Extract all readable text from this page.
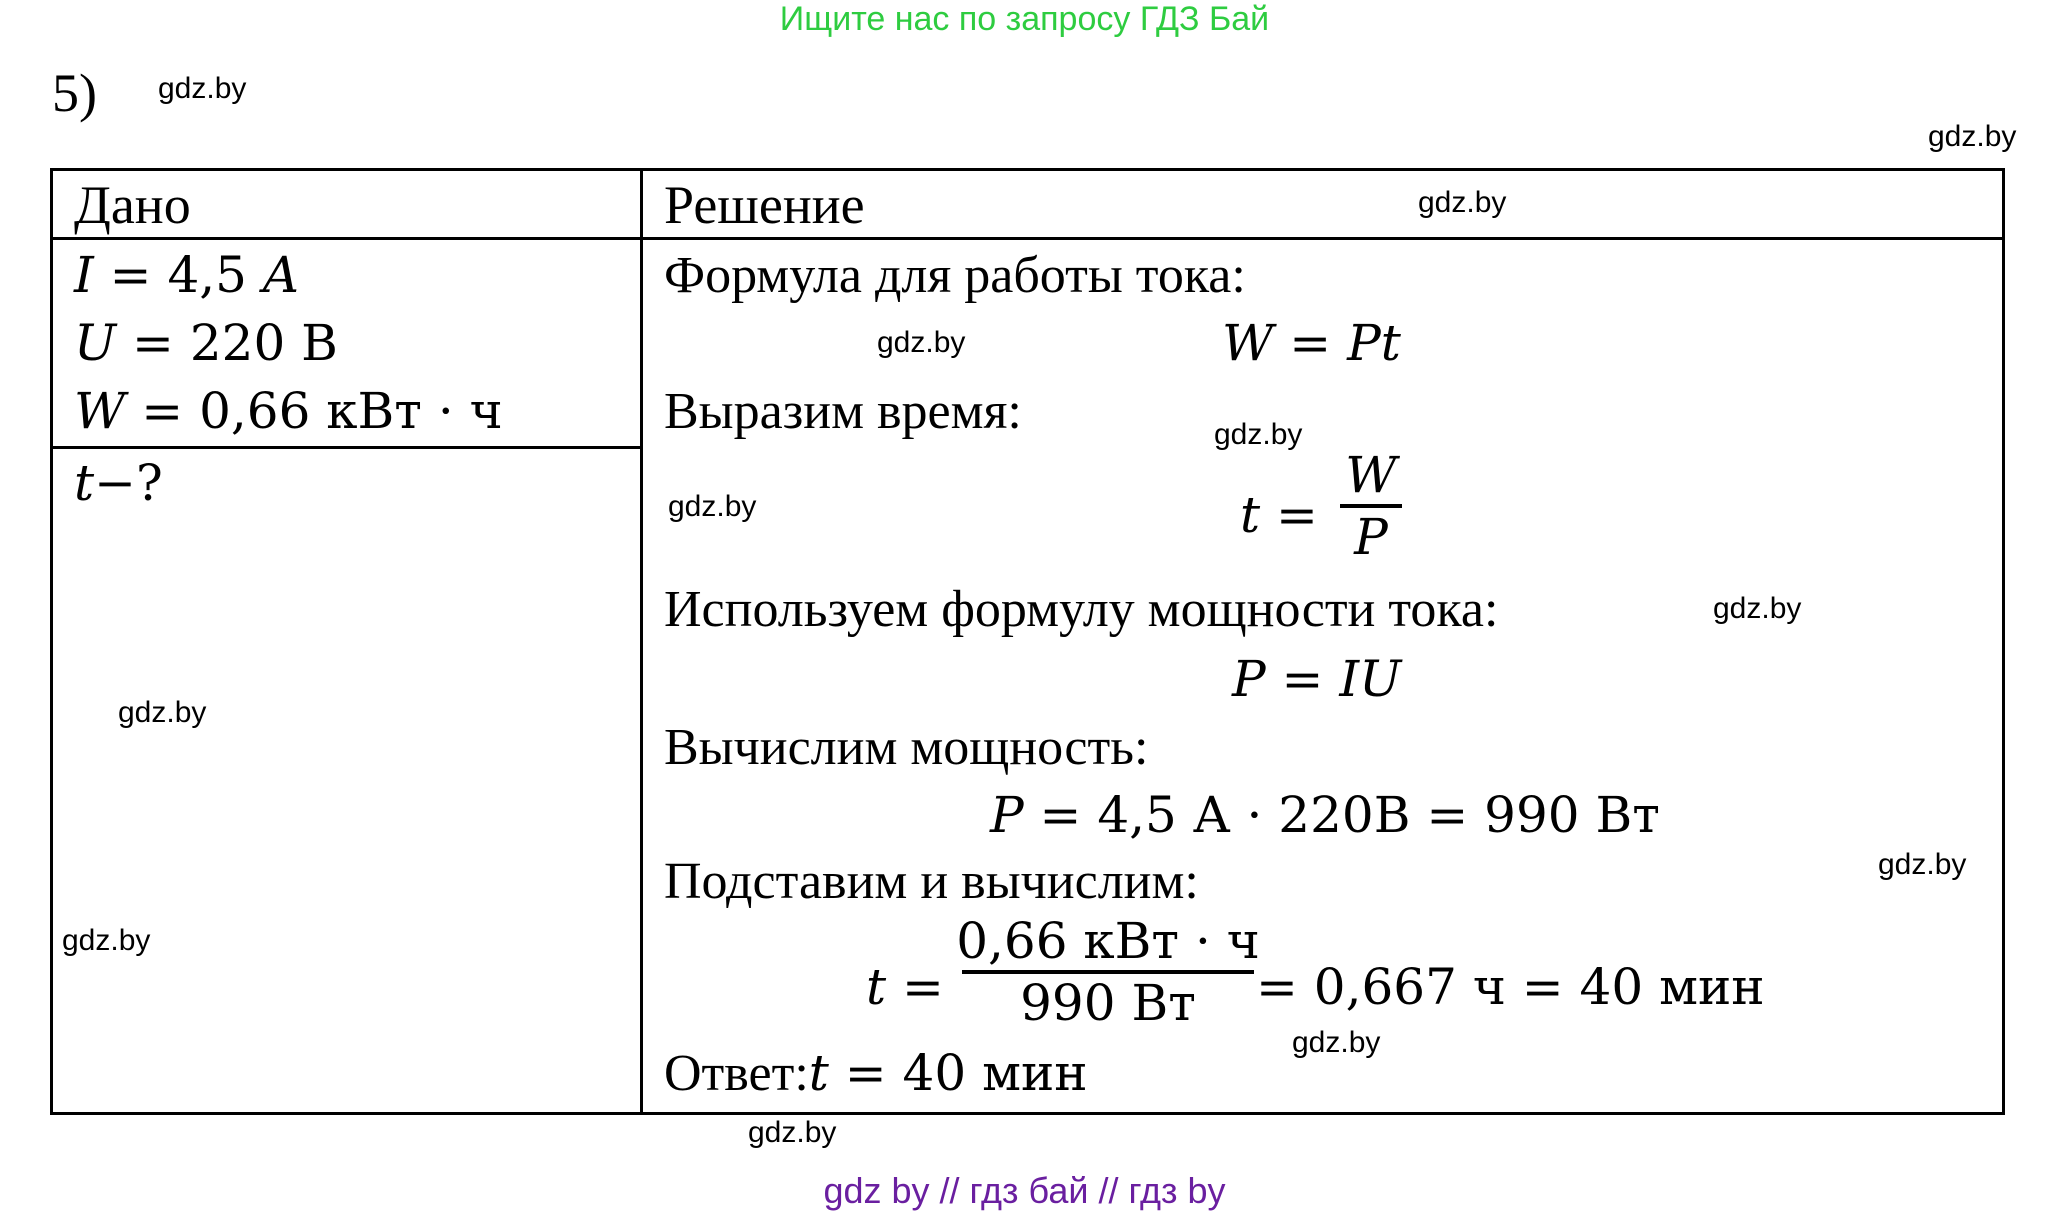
Ищите нас по запросу ГДЗ Бай
5) gdz.by
gdz.by
gdz.by
gdz.by
gdz.by
gdz.by
gdz.by
gdz.by
gdz.by
gdz.by
gdz.by
gdz.by
Дано	Решение
I = 4,5 A
U = 220 В
W = 0,66 кВт · ч
t−?
Формула для работы тока:
W = Pt
Выразим время:
t =
W
P
Используем формулу мощности тока:
P = IU
Вычислим мощность:
P = 4,5 А · 220В = 990 Вт
Подставим и вычислим:
t =
0,66 кВт · ч
990 Вт = 0,667 ч = 40 мин
Ответ:t = 40 мин
gdz by // гдз бай // гдз by
